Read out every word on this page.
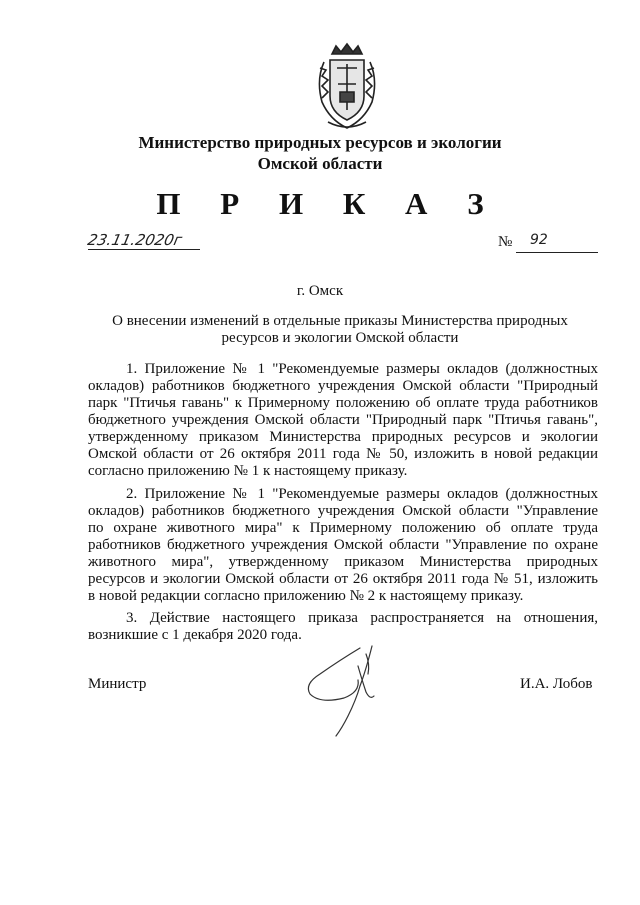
Министерство природных ресурсов и экологии
Омской области
П Р И К А З
23.11.2020г	№ 92
г. Омск
О внесении изменений в отдельные приказы Министерства природных
ресурсов и экологии Омской области
1. Приложение № 1 "Рекомендуемые размеры окладов (должностных
окладов) работников бюджетного учреждения Омской области "Природный
парк "Птичья гавань" к Примерному положению об оплате труда работников
бюджетного учреждения Омской области "Природный парк "Птичья гавань",
утвержденному приказом Министерства природных ресурсов и экологии
Омской области от 26 октября 2011 года № 50, изложить в новой редакции
согласно приложению № 1 к настоящему приказу.
2. Приложение № 1 "Рекомендуемые размеры окладов (должностных
окладов) работников бюджетного учреждения Омской области "Управление
по охране животного мира" к Примерному положению об оплате труда
работников бюджетного учреждения Омской области "Управление по охране
животного мира", утвержденному приказом Министерства природных
ресурсов и экологии Омской области от 26 октября 2011 года № 51, изложить
в новой редакции согласно приложению № 2 к настоящему приказу.
3. Действие настоящего приказа распространяется на отношения,
возникшие с 1 декабря 2020 года.
Министр	И.А. Лобов
